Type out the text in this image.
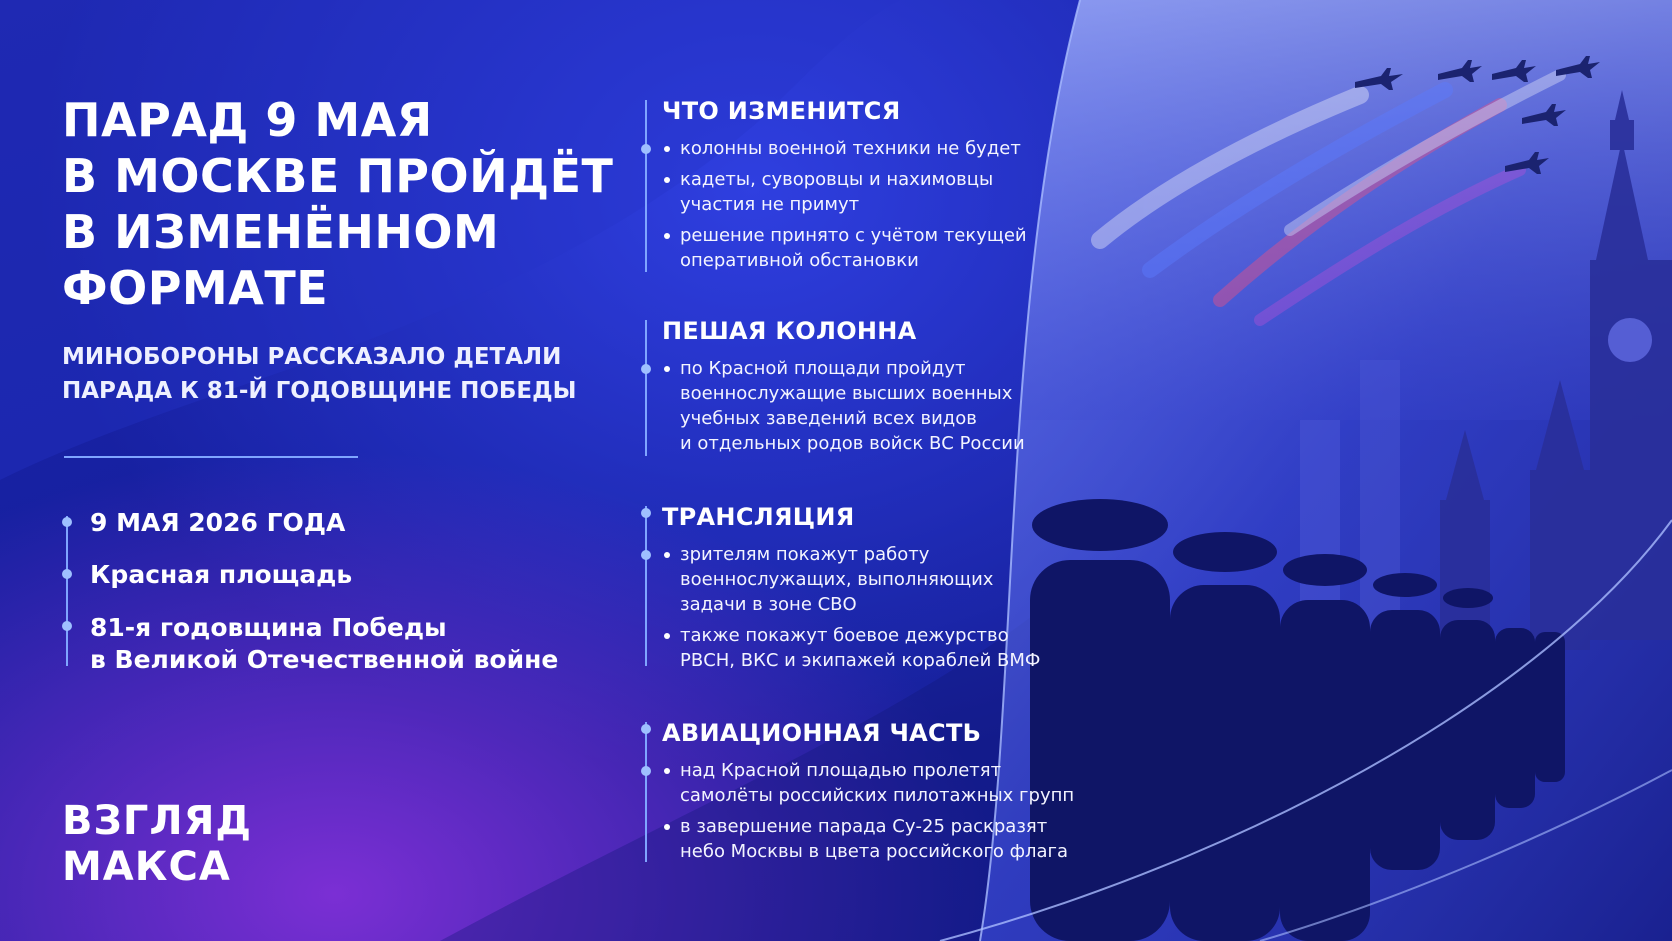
ПАРАД 9 МАЯ
В МОСКВЕ ПРОЙДЁТ
В ИЗМЕНЁННОМ
ФОРМАТЕ
МИНОБОРОНЫ РАССКАЗАЛО ДЕТАЛИ
ПАРАДА К 81-Й ГОДОВЩИНЕ ПОБЕДЫ
9 МАЯ 2026 ГОДА
Красная площадь
81-я годовщина Победы
в Великой Отечественной войне
ВЗГЛЯД
МАКСА
ЧТО ИЗМЕНИТСЯ
колонны военной техники не будет
кадеты, суворовцы и нахимовцы
участия не примут
решение принято с учётом текущей
оперативной обстановки
ПЕШАЯ КОЛОННА
по Красной площади пройдут
военнослужащие высших военных
учебных заведений всех видов
и отдельных родов войск ВС России
ТРАНСЛЯЦИЯ
зрителям покажут работу
военнослужащих, выполняющих
задачи в зоне СВО
также покажут боевое дежурство
РВСН, ВКС и экипажей кораблей ВМФ
АВИАЦИОННАЯ ЧАСТЬ
над Красной площадью пролетят
самолёты российских пилотажных групп
в завершение парада Су-25 раскразят
небо Москвы в цвета российского флага
